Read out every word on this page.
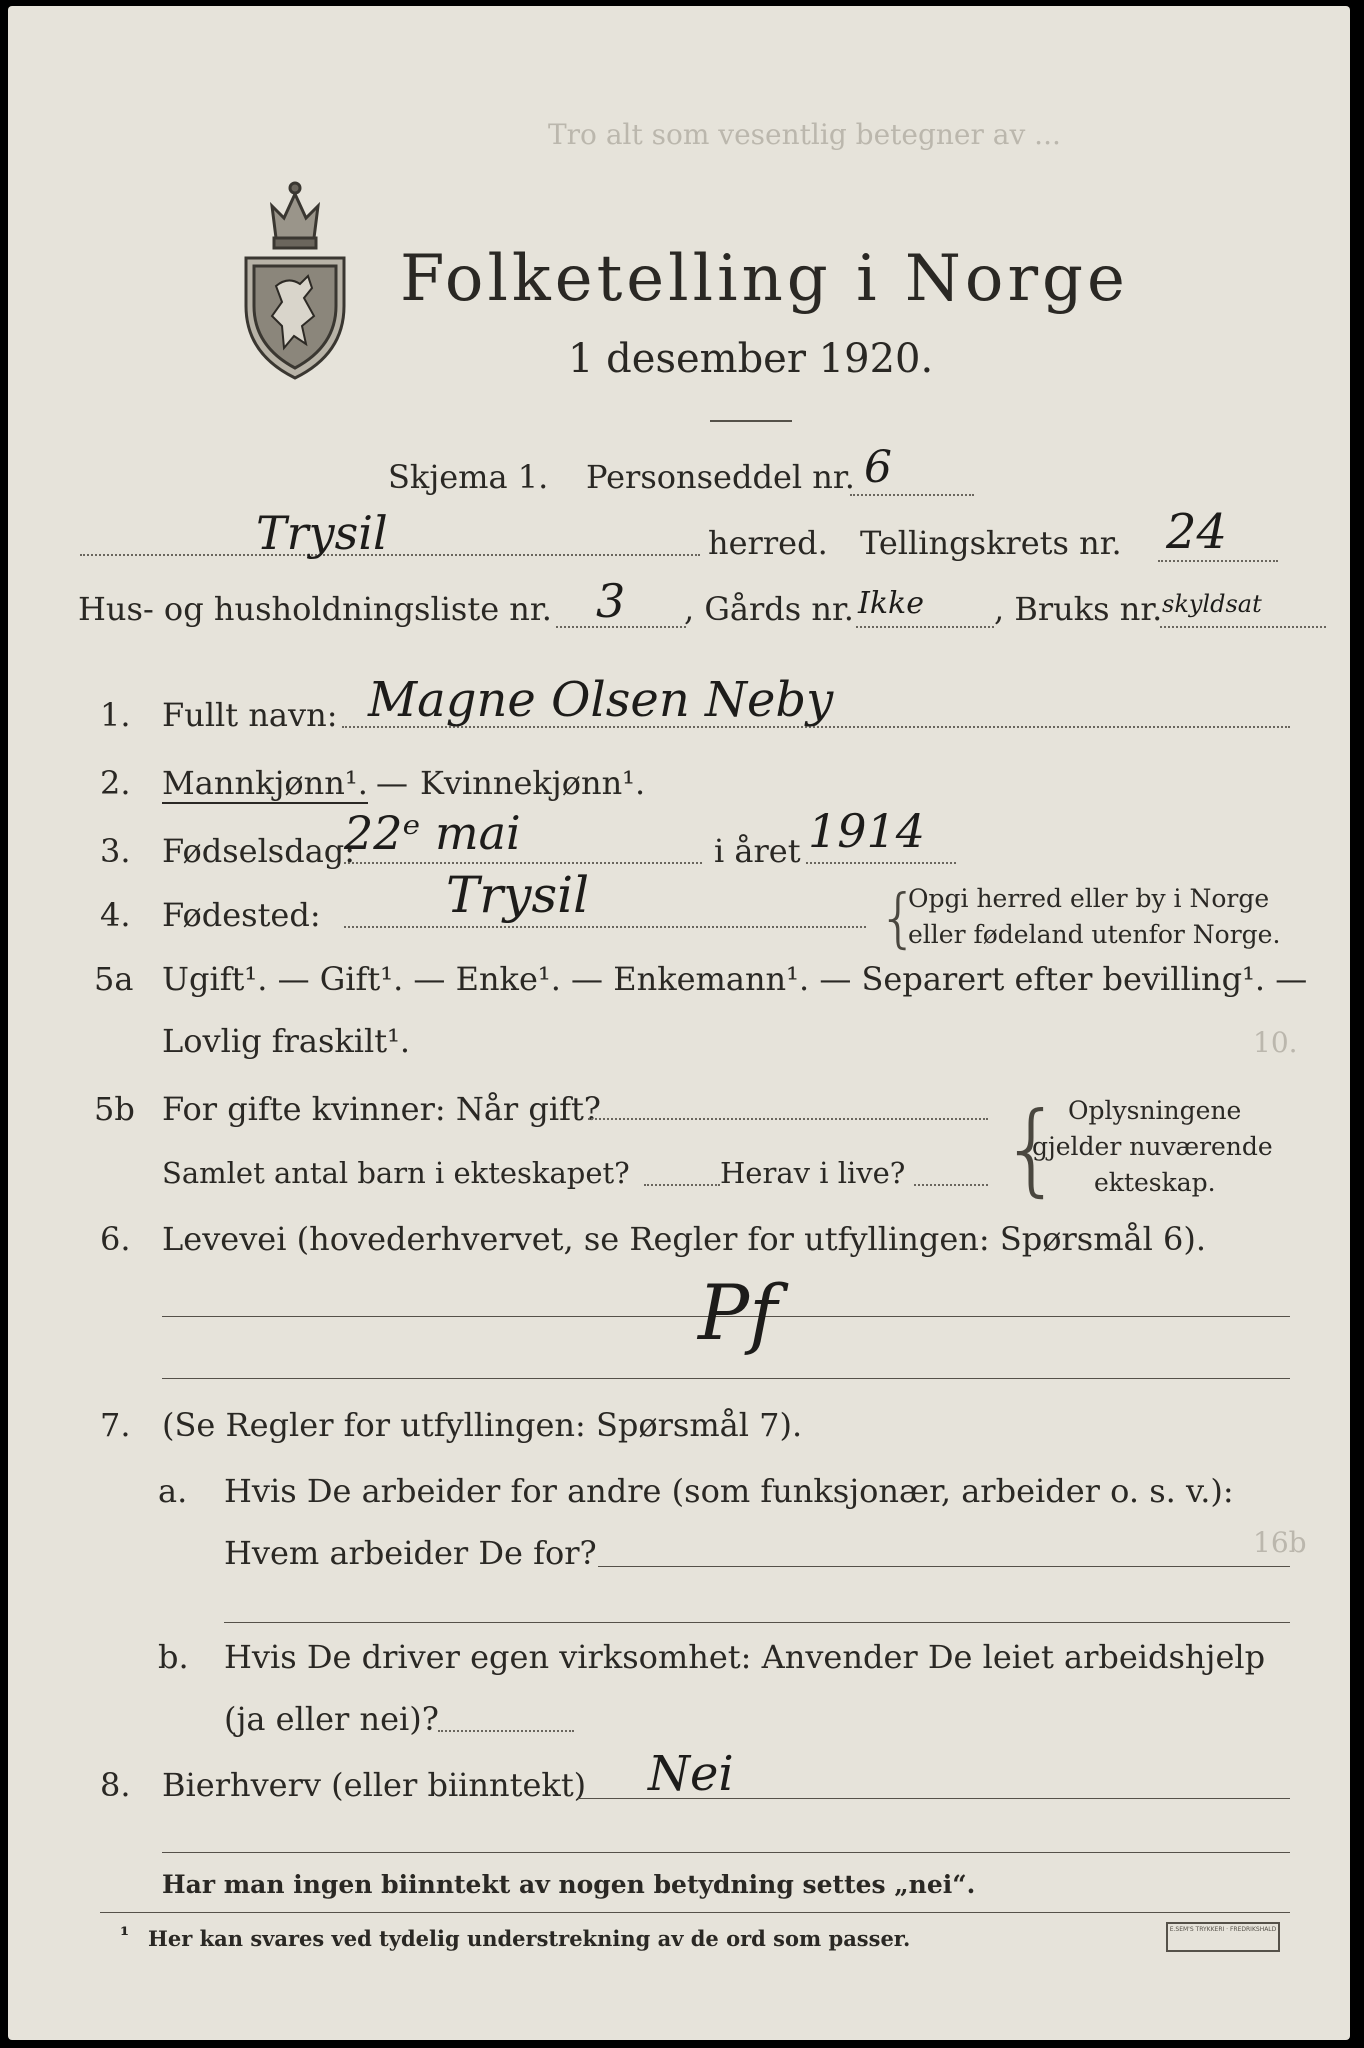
Tro alt som vesentlig betegner av ...
10.
16b
Folketelling i Norge
1 desember 1920.
Skjema 1. Personseddel nr. 6
Trysil	herred. Tellingskrets nr. 24
Hus- og husholdningsliste nr. 3 , Gårds nr. Ikke , Bruks nr. skyldsat
1. Fullt navn: Magne Olsen Neby
2. Mannkjønn¹. — Kvinnekjønn¹.
3. Fødselsdag:
22ᵉ mai	i året 1914
4. Fødested:	Trysil	{
Opgi herred eller by i Norge
eller fødeland utenfor Norge.
5a Ugift¹. — Gift¹. — Enke¹. — Enkemann¹. — Separert efter bevilling¹. —
Lovlig fraskilt¹.
5b For gifte kvinner: Når gift?
Samlet antal barn i ekteskapet?	Herav i live? { Oplysningene
gjelder nuværende
ekteskap.
6. Levevei (hovederhvervet, se Regler for utfyllingen: Spørsmål 6).
Pf
7. (Se Regler for utfyllingen: Spørsmål 7).
a. Hvis De arbeider for andre (som funksjonær, arbeider o. s. v.):
Hvem arbeider De for?
b. Hvis De driver egen virksomhet: Anvender De leiet arbeidshjelp
(ja eller nei)?
8. Bierhverv (eller biinntekt) Nei
Har man ingen biinntekt av nogen betydning settes „nei“.
¹ Her kan svares ved tydelig understrekning av de ord som passer.	E.SEM'S TRYKKERI · FREDRIKSHALD
